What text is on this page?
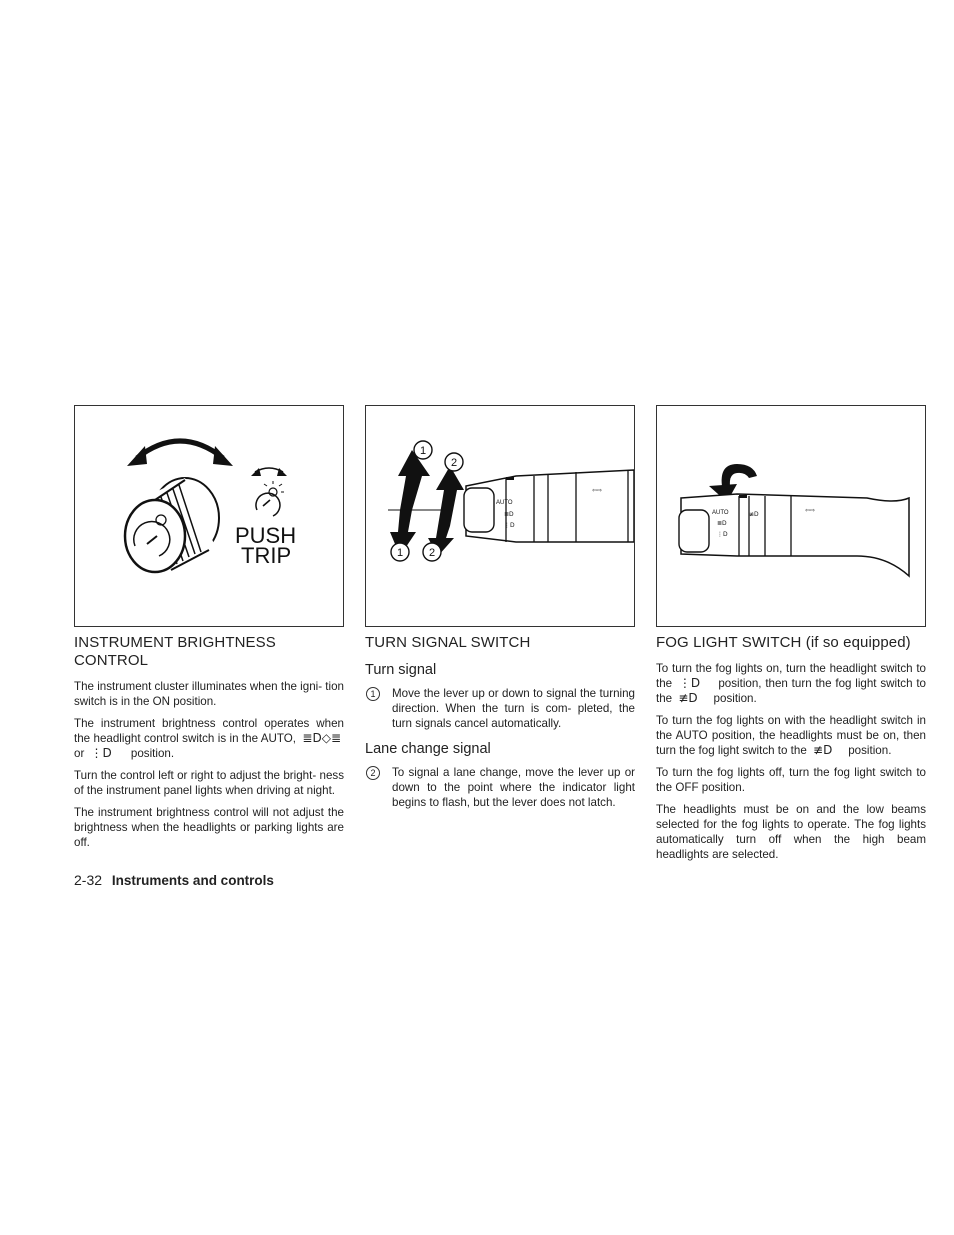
PUSH
TRIP
INSTRUMENT BRIGHTNESS CONTROL

The instrument cluster illuminates when the igni- tion switch is in the ON position.

The instrument brightness control operates when the headlight control switch is in the AUTO, ≣D◇≣ or ⋮D position.

Turn the control left or right to adjust the bright- ness of the instrument panel lights when driving at night.

The instrument brightness control will not adjust the brightness when the headlights or parking lights are off.

1
2
1 2
AUTO
≣D
⋮D
⇦⇨
TURN SIGNAL SWITCH
Turn signal
1	Move the lever up or down to signal the turning direction. When the turn is com- pleted, the turn signals cancel automatically.

Lane change signal
2	To signal a lane change, move the lever up or down to the point where the indicator light begins to flash, but the lever does not latch.

AUTO
≣D
⋮D
≢D
⇦⇨
FOG LIGHT SWITCH (if so equipped)

To turn the fog lights on, turn the headlight switch to the ⋮D position, then turn the fog light switch to the ≢D position.

To turn the fog lights on with the headlight switch in the AUTO position, the headlights must be on, then turn the fog light switch to the ≢D position.

To turn the fog lights off, turn the fog light switch to the OFF position.

The headlights must be on and the low beams selected for the fog lights to operate. The fog lights automatically turn off when the high beam headlights are selected.

2-32 Instruments and controls
